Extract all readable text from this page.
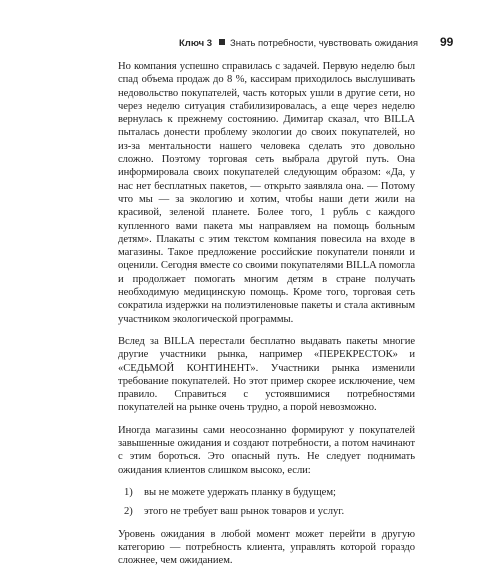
Ключ 3 Знать потребности, чувствовать ожидания 99

Но компания успешно справилась с задачей. Первую неделю был спад объема продаж до 8 %, кассирам приходилось выслушивать недовольство покупателей, часть которых ушли в другие сети, но через неделю ситуация стабилизировалась, а еще через неделю вернулась к прежнему состоянию. Димитар сказал, что BILLA пыталась донести проблему экологии до своих покупателей, но из-за ментальности нашего человека сделать это довольно сложно. Поэтому торговая сеть выбрала другой путь. Она информировала своих покупателей следующим образом: «Да, у нас нет бесплатных пакетов, — открыто заявляла она. — Потому что мы — за экологию и хотим, чтобы наши дети жили на красивой, зеленой планете. Более того, 1 рубль с каждого купленного вами пакета мы направляем на помощь больным детям». Плакаты с этим текстом компания повесила на входе в магазины. Такое предложение российские покупатели поняли и оценили. Сегодня вместе со своими покупателями BILLA помогла и продолжает помогать многим детям в стране получать необходимую медицинскую помощь. Кроме того, торговая сеть сократила издержки на полиэтиленовые пакеты и стала активным участником экологической программы.

Вслед за BILLA перестали бесплатно выдавать пакеты многие другие участники рынка, например «ПЕРЕКРЕСТОК» и «СЕДЬМОЙ КОНТИНЕНТ». Участники рынка изменили требование покупателей. Но этот пример скорее исключение, чем правило. Справиться с устоявшимися потребностями покупателей на рынке очень трудно, а порой невозможно.

Иногда магазины сами неосознанно формируют у покупателей завышенные ожидания и создают потребности, а потом начинают с этим бороться. Это опасный путь. Не следует поднимать ожидания клиентов слишком высоко, если:

1)	вы не можете удержать планку в будущем;
2)	этого не требует ваш рынок товаров и услуг.

Уровень ожидания в любой момент может перейти в другую категорию — потребность клиента, управлять которой гораздо сложнее, чем ожиданием.
